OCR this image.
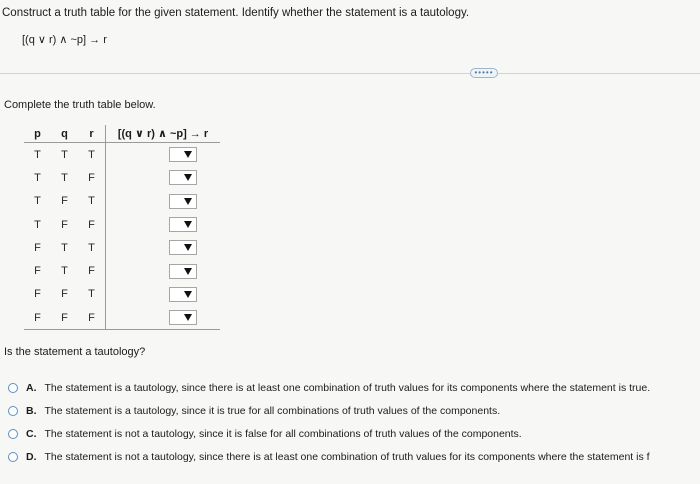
Construct a truth table for the given statement. Identify whether the statement is a tautology.
[(q ∨ r) ∧ ~p] → r
•••••
Complete the truth table below.
p	q	r	[(q ∨ r) ∧ ~p] → r
T	T	T	

T	T	F	

T	F	T	

T	F	F	

F	T	T	

F	T	F	

F	F	T	

F	F	F	
Is the statement a tautology?
A. The statement is a tautology, since there is at least one combination of truth values for its components where the statement is true.
B. The statement is a tautology, since it is true for all combinations of truth values of the components.
C. The statement is not a tautology, since it is false for all combinations of truth values of the components.
D. The statement is not a tautology, since there is at least one combination of truth values for its components where the statement is f
